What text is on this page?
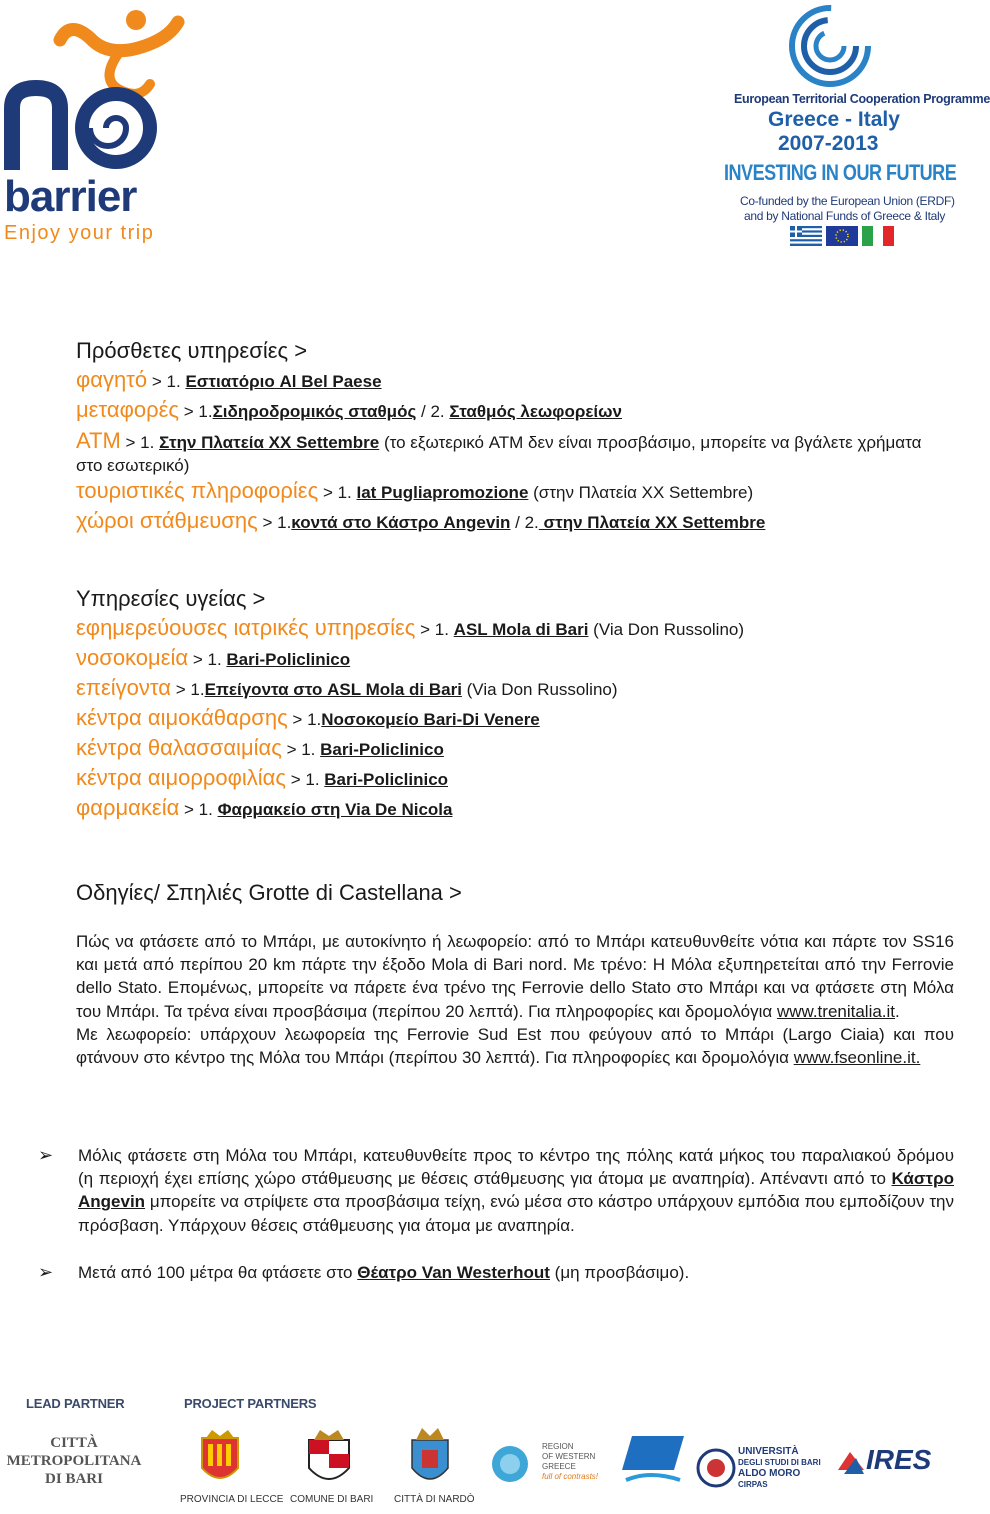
barrier
Enjoy your trip
European Territorial Cooperation Programme
Greece - Italy
2007-2013
INVESTING IN OUR FUTURE
Co-funded by the European Union (ERDF)
and by National Funds of Greece & Italy
Πρόσθετες υπηρεσίες >
φαγητό > 1. Εστιατόριο Al Bel Paese
μεταφορές > 1.Σιδηροδρομικός σταθμός / 2. Σταθμός λεωφορείων
ATM > 1. Στην Πλατεία XX Settembre (το εξωτερικό ATM δεν είναι προσβάσιμο, μπορείτε να βγάλετε χρήματα στο εσωτερικό)
τουριστικές πληροφορίες > 1. Iat Pugliapromozione (στην Πλατεία XX Settembre)
χώροι στάθμευσης > 1.κοντά στο Κάστρο Angevin / 2. στην Πλατεία XX Settembre
Υπηρεσίες υγείας >
εφημερεύουσες ιατρικές υπηρεσίες > 1. ASL Mola di Bari (Via Don Russolino)
νοσοκομεία > 1. Bari-Policlinico
επείγοντα > 1.Επείγοντα στο ASL Mola di Bari (Via Don Russolino)
κέντρα αιμοκάθαρσης > 1.Νοσοκομείο Bari-Di Venere
κέντρα θαλασσαιμίας > 1. Bari-Policlinico
κέντρα αιμορροφιλίας > 1. Bari-Policlinico
φαρμακεία > 1. Φαρμακείο στη Via De Nicola
Οδηγίες/ Σπηλιές Grotte di Castellana >
Πώς να φτάσετε από το Μπάρι, με αυτοκίνητο ή λεωφορείο: από το Μπάρι κατευθυνθείτε νότια και πάρτε τον SS16 και μετά από περίπου 20 km πάρτε την έξοδο Mola di Bari nord. Με τρένο: Η Μόλα εξυπηρετείται από την Ferrovie dello Stato. Επομένως, μπορείτε να πάρετε ένα τρένο της Ferrovie dello Stato στο Μπάρι και να φτάσετε στη Μόλα του Μπάρι. Τα τρένα είναι προσβάσιμα (περίπου 20 λεπτά). Για πληροφορίες και δρομολόγια www.trenitalia.it.
Με λεωφορείο: υπάρχουν λεωφορεία της Ferrovie Sud Est που φεύγουν από το Μπάρι (Largo Ciaia) και που φτάνουν στο κέντρο της Μόλα του Μπάρι (περίπου 30 λεπτά). Για πληροφορίες και δρομολόγια www.fseonline.it.
➢	Μόλις φτάσετε στη Μόλα του Μπάρι, κατευθυνθείτε προς το κέντρο της πόλης κατά μήκος του παραλιακού δρόμου (η περιοχή έχει επίσης χώρο στάθμευσης με θέσεις στάθμευσης για άτομα με αναπηρία). Απέναντι από το Κάστρο Angevin μπορείτε να στρίψετε στα προσβάσιμα τείχη, ενώ μέσα στο κάστρο υπάρχουν εμπόδια που εμποδίζουν την πρόσβαση. Υπάρχουν θέσεις στάθμευσης για άτομα με αναπηρία.
➢	Μετά από 100 μέτρα θα φτάσετε στο Θέατρο Van Westerhout (μη προσβάσιμο).
LEAD PARTNER	PROJECT PARTNERS
CITTÀ
METROPOLITANA
DI BARI
PROVINCIA DI LECCE COMUNE DI BARI CITTÀ DI NARDÒ
REGION
OF WESTERN
GREECE
full of contrasts!
UNIVERSITÀ
DEGLI STUDI DI BARI
ALDO MORO
CIRPAS
IRES
